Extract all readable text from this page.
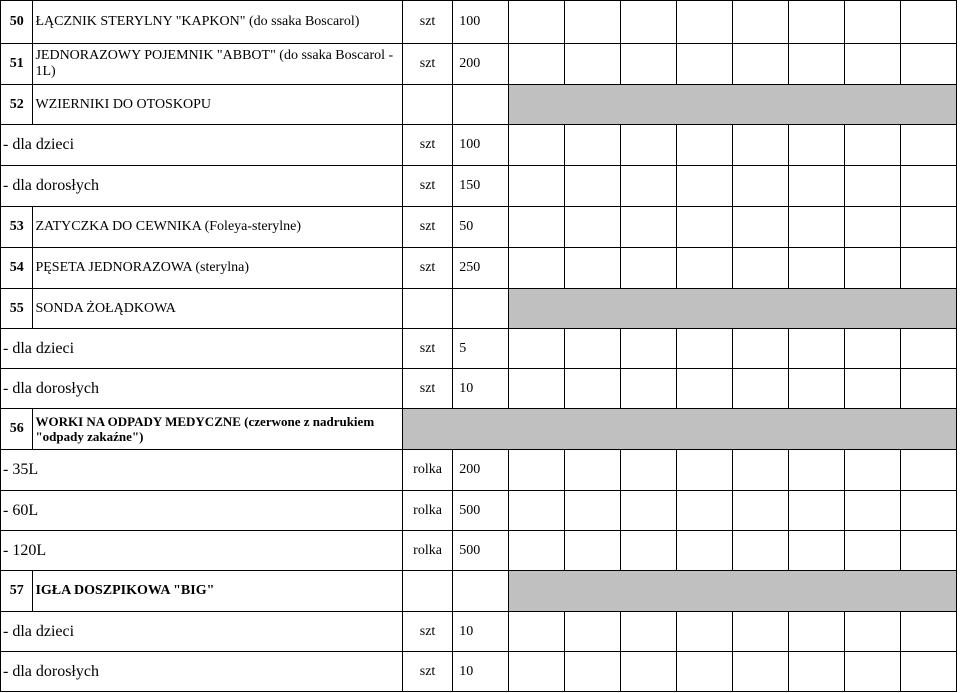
50	ŁĄCZNIK STERYLNY "KAPKON" (do ssaka Boscarol)	szt	100								
51	JEDNORAZOWY POJEMNIK "ABBOT" (do ssaka Boscarol - 1L)	szt	200								
52	WZIERNIKI DO OTOSKOPU										
- dla dzieci		szt	100								
- dla dorosłych		szt	150								
53	ZATYCZKA DO CEWNIKA (Foleya-sterylne)	szt	50								
54	PĘSETA JEDNORAZOWA (sterylna)	szt	250								
55	SONDA ŻOŁĄDKOWA										
- dla dzieci		szt	5								
- dla dorosłych		szt	10								
56	WORKI NA ODPADY MEDYCZNE (czerwone z nadrukiem "odpady zakaźne")										
- 35L		rolka	200								
- 60L		rolka	500								
- 120L		rolka	500								
57	IGŁA DOSZPIKOWA "BIG"										
- dla dzieci		szt	10								
- dla dorosłych		szt	10								
